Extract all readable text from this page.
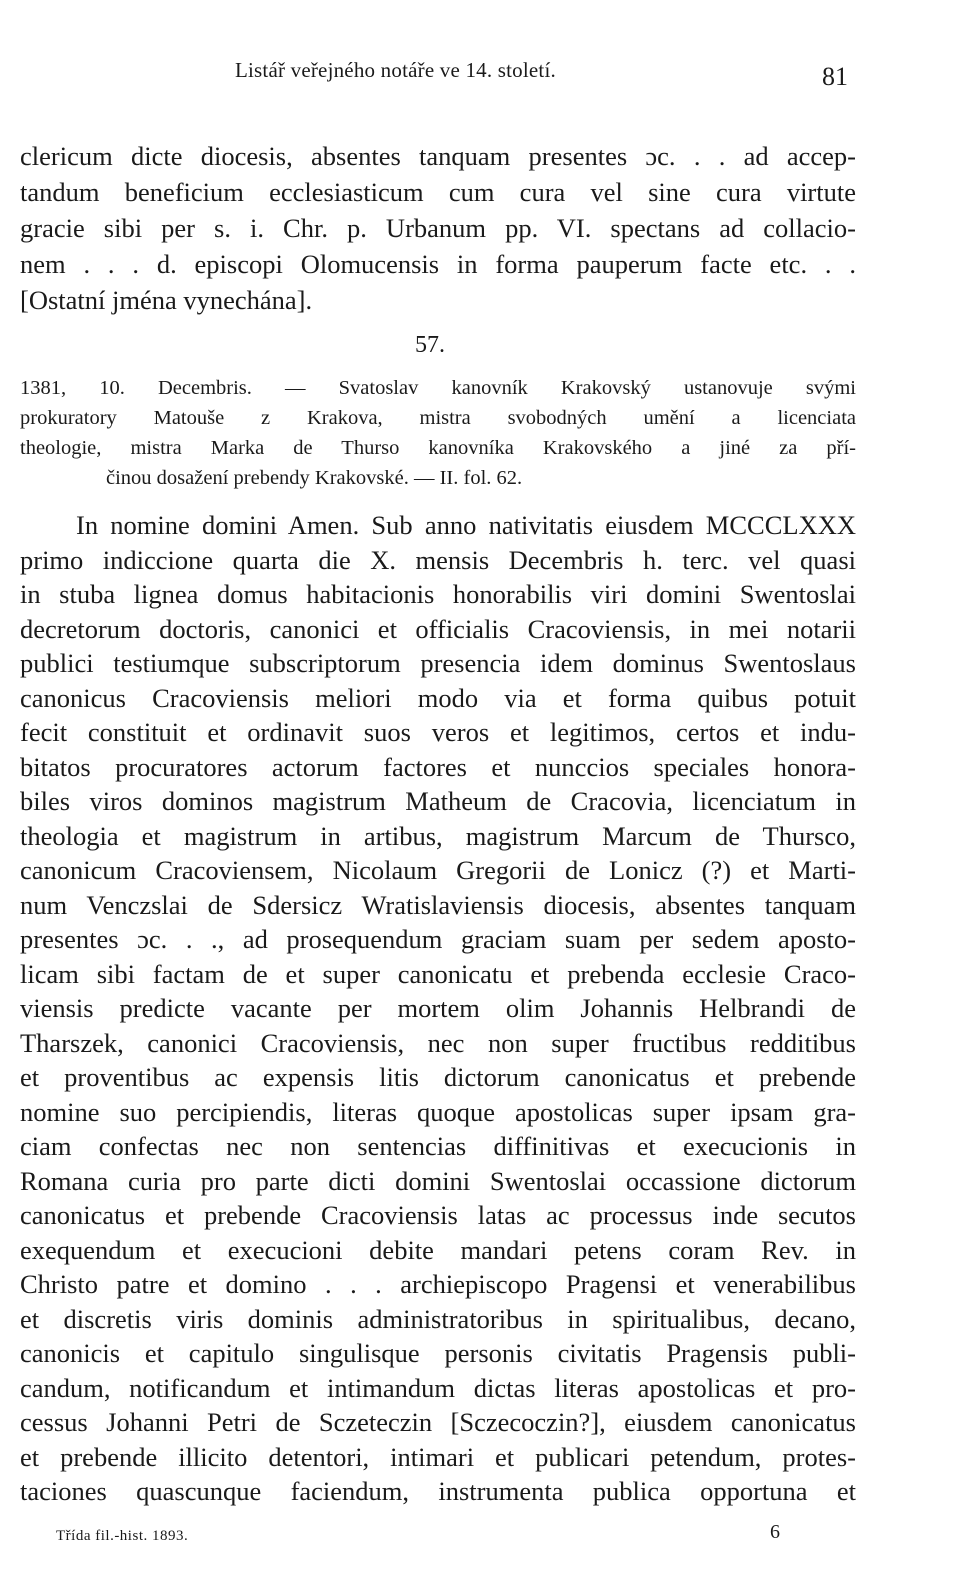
Listář veřejného notáře ve 14. století.	81
clericum dicte diocesis, absentes tanquam presentes ɔc. . . ad accep-
tandum beneficium ecclesiasticum cum cura vel sine cura virtute
gracie sibi per s. i. Chr. p. Urbanum pp. VI. spectans ad collacio-
nem . . . d. episcopi Olomucensis in forma pauperum facte etc. . .
[Ostatní jména vynechána].
57.
1381, 10. Decembris. — Svatoslav kanovník Krakovský ustanovuje svými
prokuratory Matouše z Krakova, mistra svobodných umění a licenciata
theologie, mistra Marka de Thurso kanovníka Krakovského a jiné za pří-
činou dosažení prebendy Krakovské. — II. fol. 62.
In nomine domini Amen. Sub anno nativitatis eiusdem MCCCLXXX
primo indiccione quarta die X. mensis Decembris h. terc. vel quasi
in stuba lignea domus habitacionis honorabilis viri domini Swentoslai
decretorum doctoris, canonici et officialis Cracoviensis, in mei notarii
publici testiumque subscriptorum presencia idem dominus Swentoslaus
canonicus Cracoviensis meliori modo via et forma quibus potuit
fecit constituit et ordinavit suos veros et legitimos, certos et indu-
bitatos procuratores actorum factores et nunccios speciales honora-
biles viros dominos magistrum Matheum de Cracovia, licenciatum in
theologia et magistrum in artibus, magistrum Marcum de Thursco,
canonicum Cracoviensem, Nicolaum Gregorii de Lonicz (?) et Marti-
num Venczslai de Sdersicz Wratislaviensis diocesis, absentes tanquam
presentes ɔc. . ., ad prosequendum graciam suam per sedem aposto-
licam sibi factam de et super canonicatu et prebenda ecclesie Craco-
viensis predicte vacante per mortem olim Johannis Helbrandi de
Tharszek, canonici Cracoviensis, nec non super fructibus redditibus
et proventibus ac expensis litis dictorum canonicatus et prebende
nomine suo percipiendis, literas quoque apostolicas super ipsam gra-
ciam confectas nec non sentencias diffinitivas et execucionis in
Romana curia pro parte dicti domini Swentoslai occassione dictorum
canonicatus et prebende Cracoviensis latas ac processus inde secutos
exequendum et execucioni debite mandari petens coram Rev. in
Christo patre et domino . . . archiepiscopo Pragensi et venerabilibus
et discretis viris dominis administratoribus in spiritualibus, decano,
canonicis et capitulo singulisque personis civitatis Pragensis publi-
candum, notificandum et intimandum dictas literas apostolicas et pro-
cessus Johanni Petri de Sczeteczin [Sczecoczin?], eiusdem canonicatus
et prebende illicito detentori, intimari et publicari petendum, protes-
taciones quascunque faciendum, instrumenta publica opportuna et
Třída fil.-hist. 1893.	6
